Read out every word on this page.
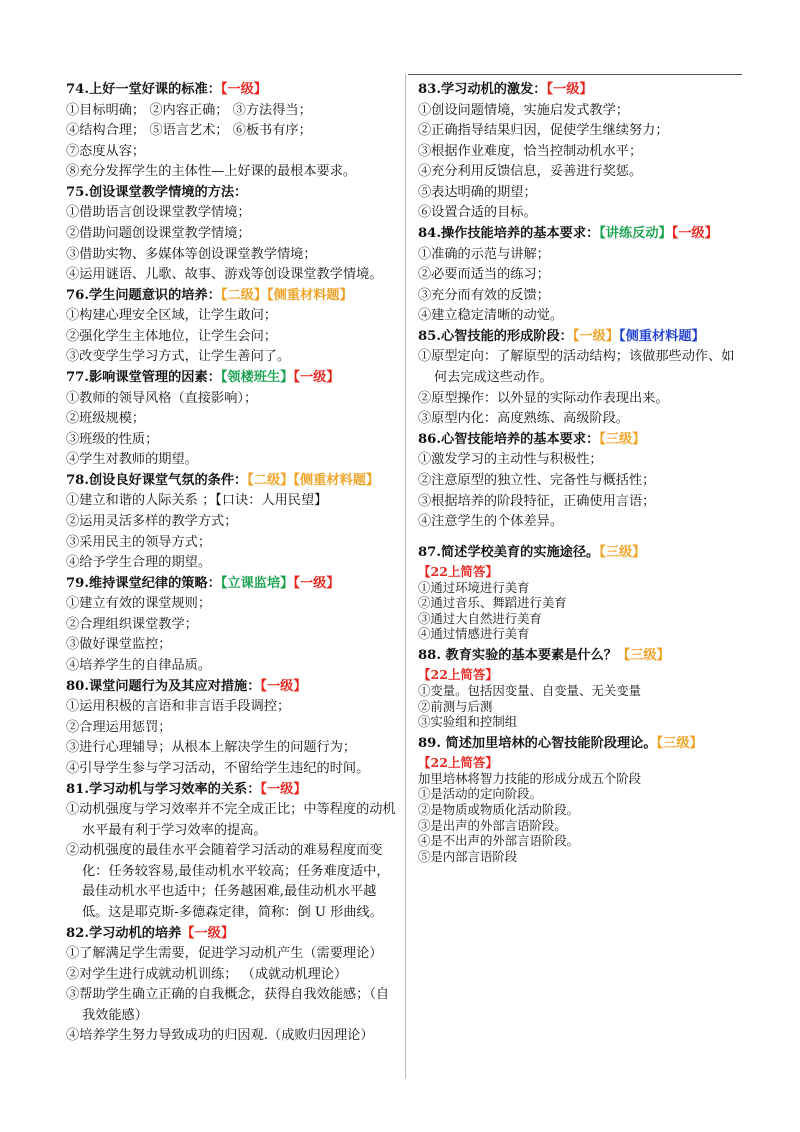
74.上好一堂好课的标准：【一级】
①目标明确； ②内容正确； ③方法得当；
④结构合理； ⑤语言艺术； ⑥板书有序；
⑦态度从容；
⑧充分发挥学生的主体性—上好课的最根本要求。
75.创设课堂教学情境的方法：
①借助语言创设课堂教学情境；
②借助问题创设课堂教学情境；
③借助实物、多媒体等创设课堂教学情境；
④运用谜语、儿歌、故事、游戏等创设课堂教学情境。
76.学生问题意识的培养：【二级】【侧重材料题】
①构建心理安全区域，让学生敢问；
②强化学生主体地位，让学生会问；
③改变学生学习方式，让学生善问了。
77.影响课堂管理的因素：【领楼班生】【一级】
①教师的领导风格（直接影响）；
②班级规模；
③班级的性质；
④学生对教师的期望。
78.创设良好课堂气氛的条件：【二级】【侧重材料题】
①建立和谐的人际关系 ；【口诀：人用民望】
②运用灵活多样的教学方式；
③采用民主的领导方式；
④给予学生合理的期望。
79.维持课堂纪律的策略：【立课监培】【一级】
①建立有效的课堂规则；
②合理组织课堂教学；
③做好课堂监控；
④培养学生的自律品质。
80.课堂问题行为及其应对措施：【一级】
①运用积极的言语和非言语手段调控；
②合理运用惩罚；
③进行心理辅导；从根本上解决学生的问题行为；
④引导学生参与学习活动，不留给学生违纪的时间。
81.学习动机与学习效率的关系：【一级】
①动机强度与学习效率并不完全成正比；中等程度的动机水平最有利于学习效率的提高。
②动机强度的最佳水平会随着学习活动的难易程度而变化：任务较容易,最佳动机水平较高；任务难度适中，最佳动机水平也适中；任务越困难,最佳动机水平越低。这是耶克斯-多德森定律，简称：倒 U 形曲线。
82.学习动机的培养【一级】
①了解满足学生需要，促进学习动机产生（需要理论）
②对学生进行成就动机训练； （成就动机理论）
③帮助学生确立正确的自我概念，获得自我效能感；（自我效能感）
④培养学生努力导致成功的归因观.（成败归因理论）
83.学习动机的激发：【一级】
①创设问题情境，实施启发式教学；
②正确指导结果归因，促使学生继续努力；
③根据作业难度，恰当控制动机水平；
④充分利用反馈信息，妥善进行奖惩。
⑤表达明确的期望；
⑥设置合适的目标。
84.操作技能培养的基本要求：【讲练反动】【一级】
①准确的示范与讲解；
②必要而适当的练习；
③充分而有效的反馈；
④建立稳定清晰的动觉。
85.心智技能的形成阶段：【一级】【侧重材料题】
①原型定向：了解原型的活动结构；该做那些动作、如何去完成这些动作。
②原型操作：以外显的实际动作表现出来。
③原型内化：高度熟练、高级阶段。
86.心智技能培养的基本要求：【三级】
①激发学习的主动性与积极性；
②注意原型的独立性、完备性与概括性；
③根据培养的阶段特征，正确使用言语；
④注意学生的个体差异。
87.简述学校美育的实施途径。【三级】
【22上简答】
①通过环境进行美育
②通过音乐、舞蹈进行美育
③通过大自然进行美育
④通过情感进行美育
88. 教育实验的基本要素是什么？【三级】
【22上简答】
①变量。包括因变量、自变量、无关变量
②前测与后测
③实验组和控制组
89. 简述加里培林的心智技能阶段理论。【三级】
【22上简答】
加里培林将智力技能的形成分成五个阶段
①是活动的定向阶段。
②是物质或物质化活动阶段。
③是出声的外部言语阶段。
④是不出声的外部言语阶段。
⑤是内部言语阶段
